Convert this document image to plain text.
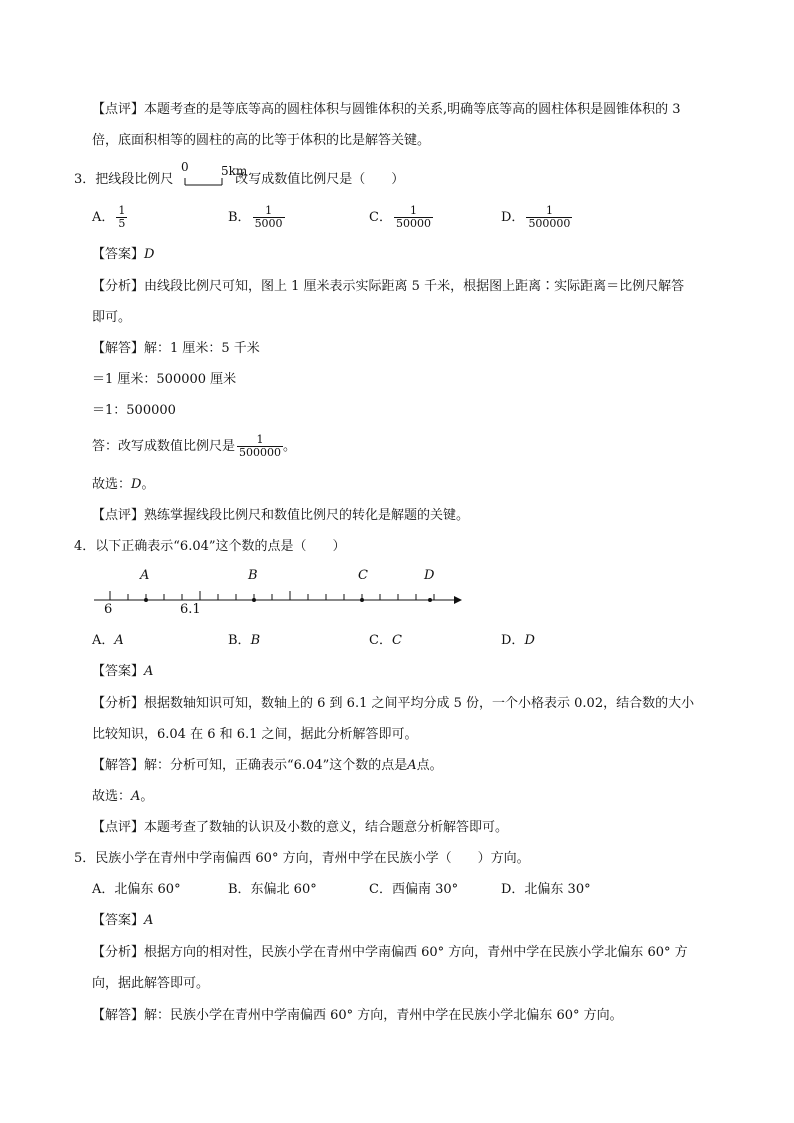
【点评】本题考查的是等底等高的圆柱体积与圆锥体积的关系,明确等底等高的圆柱体积是圆锥体积的 3
倍，底面积相等的圆柱的高的比等于体积的比是解答关键。
3．把线段比例尺	改写成数值比例尺是（　　）
0	5km
A． $\frac{1}{5}$	B． $\frac{1}{5000}$	C． $\frac{1}{50000}$	D． $\frac{1}{500000}$
【答案】D
【分析】由线段比例尺可知，图上 1 厘米表示实际距离 5 千米，根据图上距离∶实际距离＝比例尺解答
即可。
【解答】解：1 厘米：5 千米
＝1 厘米：500000 厘米
＝1：500000
答：改写成数值比例尺是 $\frac{1}{500000}$ 。
故选：D。
【点评】熟练掌握线段比例尺和数值比例尺的转化是解题的关键。
4．以下正确表示“6.04”这个数的点是（　　）
A	B	C	D
6	6.1
A．A	B．B	C．C	D．D
【答案】A
【分析】根据数轴知识可知，数轴上的 6 到 6.1 之间平均分成 5 份，一个小格表示 0.02，结合数的大小
比较知识，6.04 在 6 和 6.1 之间，据此分析解答即可。
【解答】解：分析可知，正确表示“6.04”这个数的点是A点。
故选：A。
【点评】本题考查了数轴的认识及小数的意义，结合题意分析解答即可。
5．民族小学在青州中学南偏西 60° 方向，青州中学在民族小学（　　）方向。
A．北偏东 60°	B．东偏北 60°	C．西偏南 30°	D．北偏东 30°
【答案】A
【分析】根据方向的相对性，民族小学在青州中学南偏西 60° 方向，青州中学在民族小学北偏东 60° 方
向，据此解答即可。
【解答】解：民族小学在青州中学南偏西 60° 方向，青州中学在民族小学北偏东 60° 方向。
